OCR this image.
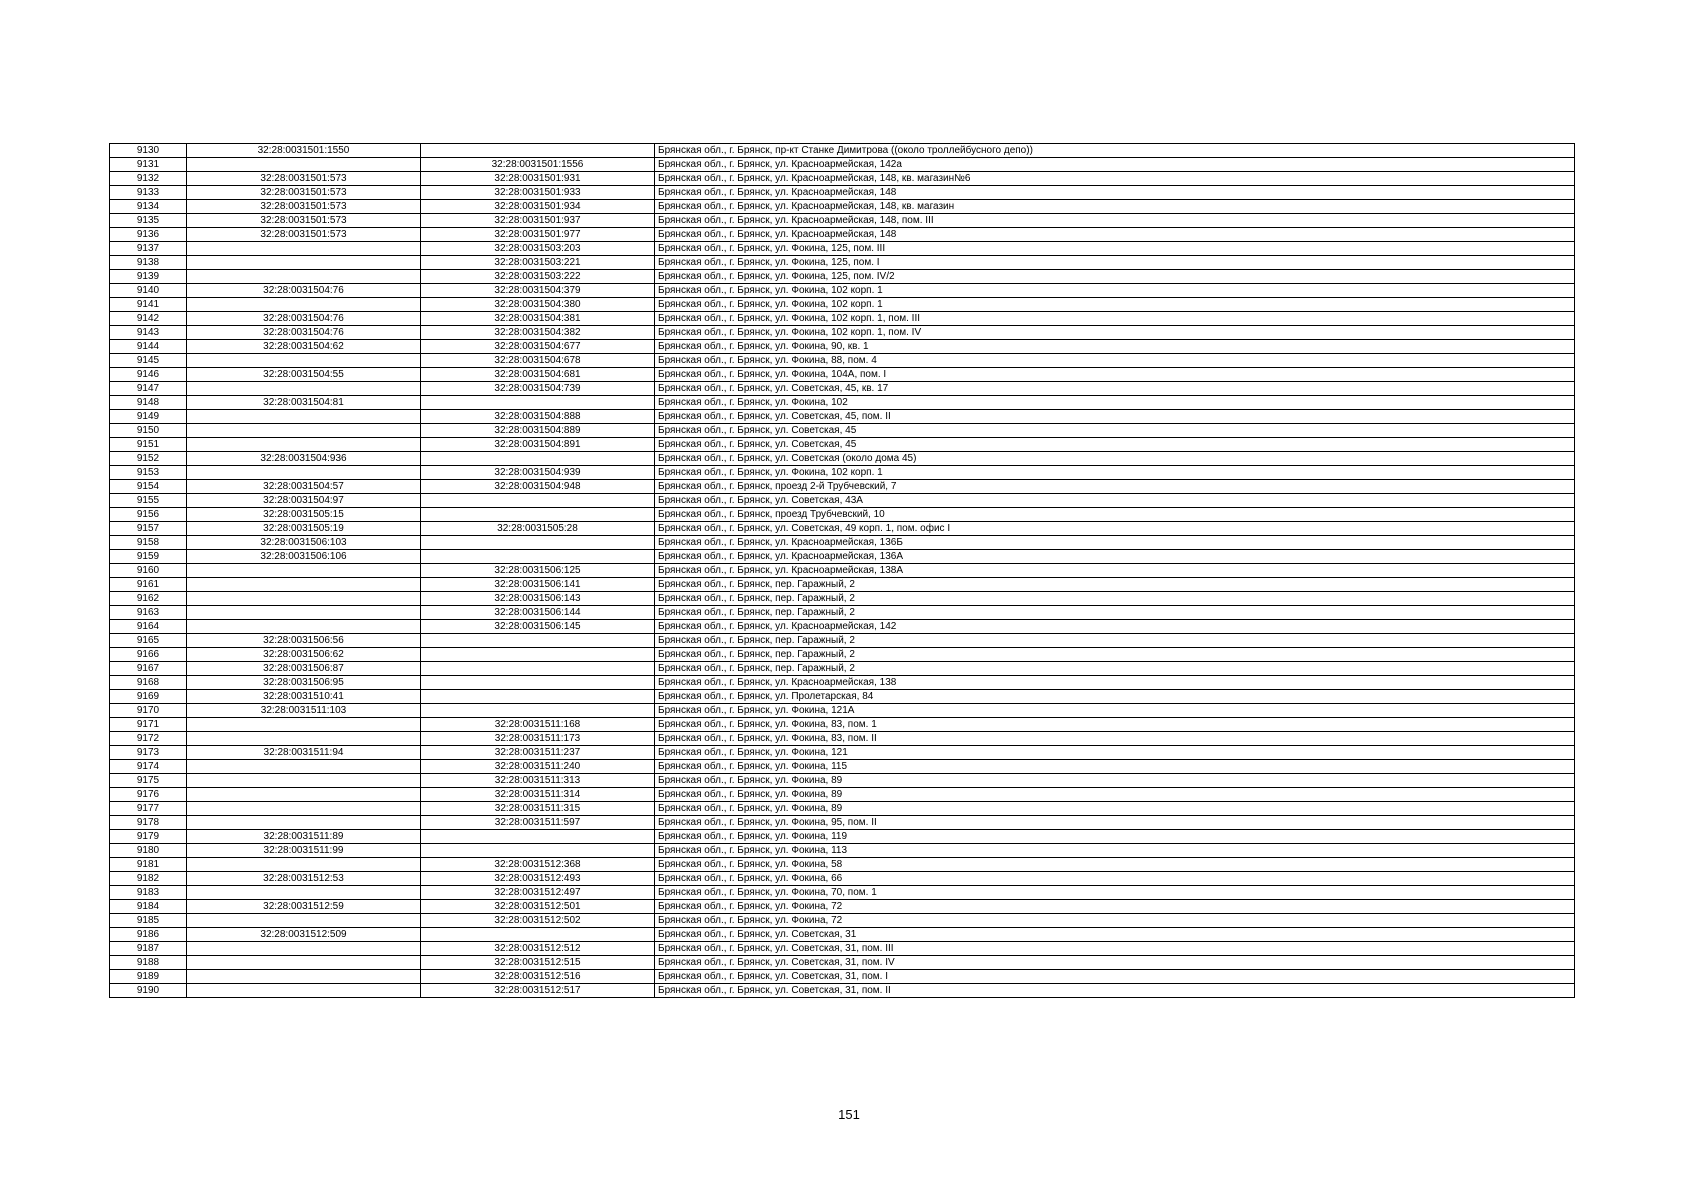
9130	32:28:0031501:1550		Брянская обл., г. Брянск, пр-кт Станке Димитрова ((около троллейбусного депо))
9131		32:28:0031501:1556	Брянская обл., г. Брянск, ул. Красноармейская, 142а
9132	32:28:0031501:573	32:28:0031501:931	Брянская обл., г. Брянск, ул. Красноармейская, 148, кв. магазин№6
9133	32:28:0031501:573	32:28:0031501:933	Брянская обл., г. Брянск, ул. Красноармейская, 148
9134	32:28:0031501:573	32:28:0031501:934	Брянская обл., г. Брянск, ул. Красноармейская, 148, кв. магазин
9135	32:28:0031501:573	32:28:0031501:937	Брянская обл., г. Брянск, ул. Красноармейская, 148, пом. III
9136	32:28:0031501:573	32:28:0031501:977	Брянская обл., г. Брянск, ул. Красноармейская, 148
9137		32:28:0031503:203	Брянская обл., г. Брянск, ул. Фокина, 125, пом. III
9138		32:28:0031503:221	Брянская обл., г. Брянск, ул. Фокина, 125, пом. I
9139		32:28:0031503:222	Брянская обл., г. Брянск, ул. Фокина, 125, пом. IV/2
9140	32:28:0031504:76	32:28:0031504:379	Брянская обл., г. Брянск, ул. Фокина, 102 корп. 1
9141		32:28:0031504:380	Брянская обл., г. Брянск, ул. Фокина, 102 корп. 1
9142	32:28:0031504:76	32:28:0031504:381	Брянская обл., г. Брянск, ул. Фокина, 102 корп. 1, пом. III
9143	32:28:0031504:76	32:28:0031504:382	Брянская обл., г. Брянск, ул. Фокина, 102 корп. 1, пом. IV
9144	32:28:0031504:62	32:28:0031504:677	Брянская обл., г. Брянск, ул. Фокина, 90, кв. 1
9145		32:28:0031504:678	Брянская обл., г. Брянск, ул. Фокина, 88, пом. 4
9146	32:28:0031504:55	32:28:0031504:681	Брянская обл., г. Брянск, ул. Фокина, 104А, пом. I
9147		32:28:0031504:739	Брянская обл., г. Брянск, ул. Советская, 45, кв. 17
9148	32:28:0031504:81		Брянская обл., г. Брянск, ул. Фокина, 102
9149		32:28:0031504:888	Брянская обл., г. Брянск, ул. Советская, 45, пом. II
9150		32:28:0031504:889	Брянская обл., г. Брянск, ул. Советская, 45
9151		32:28:0031504:891	Брянская обл., г. Брянск, ул. Советская, 45
9152	32:28:0031504:936		Брянская обл., г. Брянск, ул. Советская (около дома 45)
9153		32:28:0031504:939	Брянская обл., г. Брянск, ул. Фокина, 102 корп. 1
9154	32:28:0031504:57	32:28:0031504:948	Брянская обл., г. Брянск, проезд 2-й Трубчевский, 7
9155	32:28:0031504:97		Брянская обл., г. Брянск, ул. Советская, 43А
9156	32:28:0031505:15		Брянская обл., г. Брянск, проезд Трубчевский, 10
9157	32:28:0031505:19	32:28:0031505:28	Брянская обл., г. Брянск, ул. Советская, 49 корп. 1, пом. офис I
9158	32:28:0031506:103		Брянская обл., г. Брянск, ул. Красноармейская, 136Б
9159	32:28:0031506:106		Брянская обл., г. Брянск, ул. Красноармейская, 136А
9160		32:28:0031506:125	Брянская обл., г. Брянск, ул. Красноармейская, 138А
9161		32:28:0031506:141	Брянская обл., г. Брянск, пер. Гаражный, 2
9162		32:28:0031506:143	Брянская обл., г. Брянск, пер. Гаражный, 2
9163		32:28:0031506:144	Брянская обл., г. Брянск, пер. Гаражный, 2
9164		32:28:0031506:145	Брянская обл., г. Брянск, ул. Красноармейская, 142
9165	32:28:0031506:56		Брянская обл., г. Брянск, пер. Гаражный, 2
9166	32:28:0031506:62		Брянская обл., г. Брянск, пер. Гаражный, 2
9167	32:28:0031506:87		Брянская обл., г. Брянск, пер. Гаражный, 2
9168	32:28:0031506:95		Брянская обл., г. Брянск, ул. Красноармейская, 138
9169	32:28:0031510:41		Брянская обл., г. Брянск, ул. Пролетарская, 84
9170	32:28:0031511:103		Брянская обл., г. Брянск, ул. Фокина, 121А
9171		32:28:0031511:168	Брянская обл., г. Брянск, ул. Фокина, 83, пом. 1
9172		32:28:0031511:173	Брянская обл., г. Брянск, ул. Фокина, 83, пом. II
9173	32:28:0031511:94	32:28:0031511:237	Брянская обл., г. Брянск, ул. Фокина, 121
9174		32:28:0031511:240	Брянская обл., г. Брянск, ул. Фокина, 115
9175		32:28:0031511:313	Брянская обл., г. Брянск, ул. Фокина, 89
9176		32:28:0031511:314	Брянская обл., г. Брянск, ул. Фокина, 89
9177		32:28:0031511:315	Брянская обл., г. Брянск, ул. Фокина, 89
9178		32:28:0031511:597	Брянская обл., г. Брянск, ул. Фокина, 95, пом. II
9179	32:28:0031511:89		Брянская обл., г. Брянск, ул. Фокина, 119
9180	32:28:0031511:99		Брянская обл., г. Брянск, ул. Фокина, 113
9181		32:28:0031512:368	Брянская обл., г. Брянск, ул. Фокина, 58
9182	32:28:0031512:53	32:28:0031512:493	Брянская обл., г. Брянск, ул. Фокина, 66
9183		32:28:0031512:497	Брянская обл., г. Брянск, ул. Фокина, 70, пом. 1
9184	32:28:0031512:59	32:28:0031512:501	Брянская обл., г. Брянск, ул. Фокина, 72
9185		32:28:0031512:502	Брянская обл., г. Брянск, ул. Фокина, 72
9186	32:28:0031512:509		Брянская обл., г. Брянск, ул. Советская, 31
9187		32:28:0031512:512	Брянская обл., г. Брянск, ул. Советская, 31, пом. III
9188		32:28:0031512:515	Брянская обл., г. Брянск, ул. Советская, 31, пом. IV
9189		32:28:0031512:516	Брянская обл., г. Брянск, ул. Советская, 31, пом. I
9190		32:28:0031512:517	Брянская обл., г. Брянск, ул. Советская, 31, пом. II
151
